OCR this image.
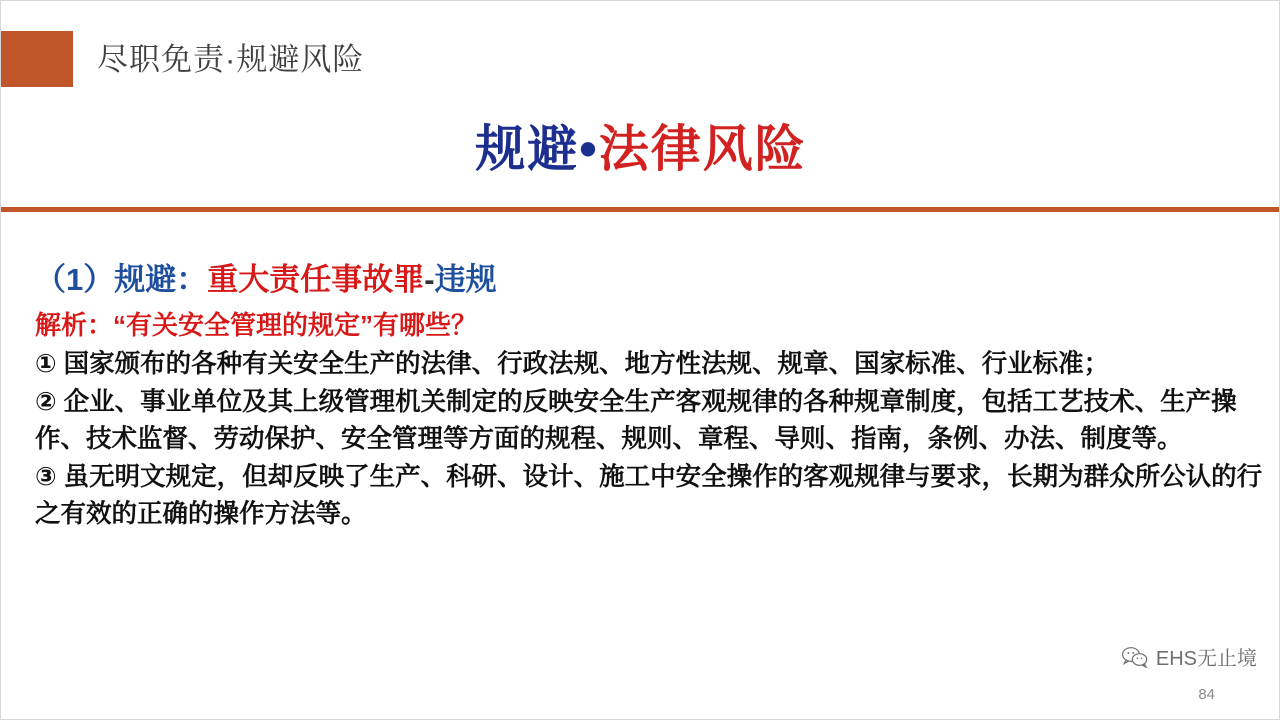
尽职免责·规避风险
规避•法律风险
（1）规避：重大责任事故罪-违规
解析：“有关安全管理的规定”有哪些？
① 国家颁布的各种有关安全生产的法律、行政法规、地方性法规、规章、国家标准、行业标准；
② 企业、事业单位及其上级管理机关制定的反映安全生产客观规律的各种规章制度，包括工艺技术、生产操作、技术监督、劳动保护、安全管理等方面的规程、规则、章程、导则、指南，条例、办法、制度等。
③ 虽无明文规定，但却反映了生产、科研、设计、施工中安全操作的客观规律与要求，长期为群众所公认的行之有效的正确的操作方法等。
EHS无止境
84
